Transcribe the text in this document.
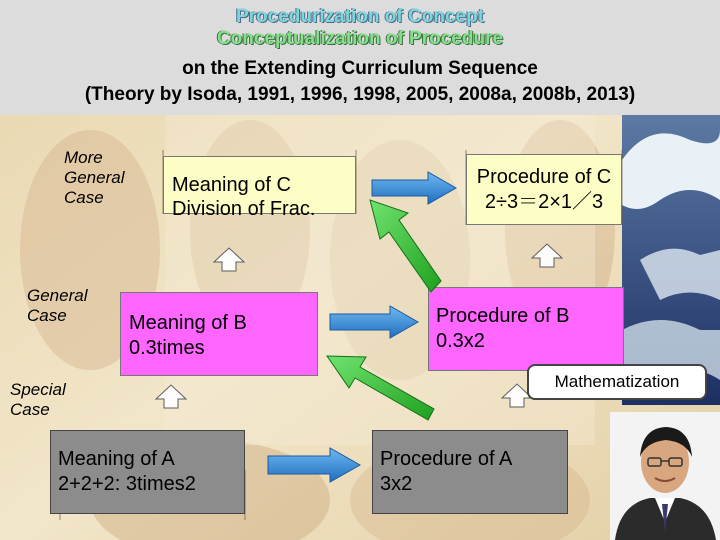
Procedurization of Concept
Conceptualization of Procedure
on the Extending Curriculum Sequence
(Theory by Isoda, 1991, 1996, 1998, 2005, 2008a, 2008b, 2013)
More
General
Case
General
Case
Special
Case
Meaning of C
Division of Frac.
Procedure of C
2÷3＝2×1／3
Meaning of B
0.3times
Procedure of B
0.3x2
Meaning of A
2+2+2: 3times2
Procedure of A
3x2
Mathematization
